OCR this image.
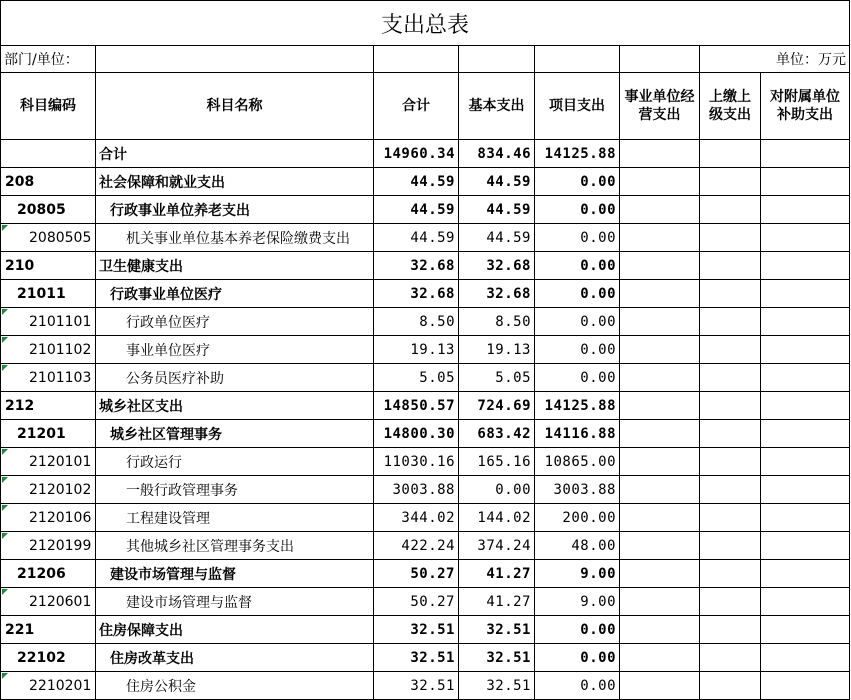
支出总表							
部门/单位：						单位：万元	
科目编码	科目名称	合计	基本支出	项目支出	事业单位经营支出	上缴上级支出	对附属单位补助支出
	合计	14960.34	834.46	14125.88			
208	社会保障和就业支出	44.59	44.59	0.00			
20805	行政事业单位养老支出	44.59	44.59	0.00			
2080505	机关事业单位基本养老保险缴费支出	44.59	44.59	0.00			
210	卫生健康支出	32.68	32.68	0.00			
21011	行政事业单位医疗	32.68	32.68	0.00			
2101101	行政单位医疗	8.50	8.50	0.00			
2101102	事业单位医疗	19.13	19.13	0.00			
2101103	公务员医疗补助	5.05	5.05	0.00			
212	城乡社区支出	14850.57	724.69	14125.88			
21201	城乡社区管理事务	14800.30	683.42	14116.88			
2120101	行政运行	11030.16	165.16	10865.00			
2120102	一般行政管理事务	3003.88	0.00	3003.88			
2120106	工程建设管理	344.02	144.02	200.00			
2120199	其他城乡社区管理事务支出	422.24	374.24	48.00			
21206	建设市场管理与监督	50.27	41.27	9.00			
2120601	建设市场管理与监督	50.27	41.27	9.00			
221	住房保障支出	32.51	32.51	0.00			
22102	住房改革支出	32.51	32.51	0.00			
2210201	住房公积金	32.51	32.51	0.00			
